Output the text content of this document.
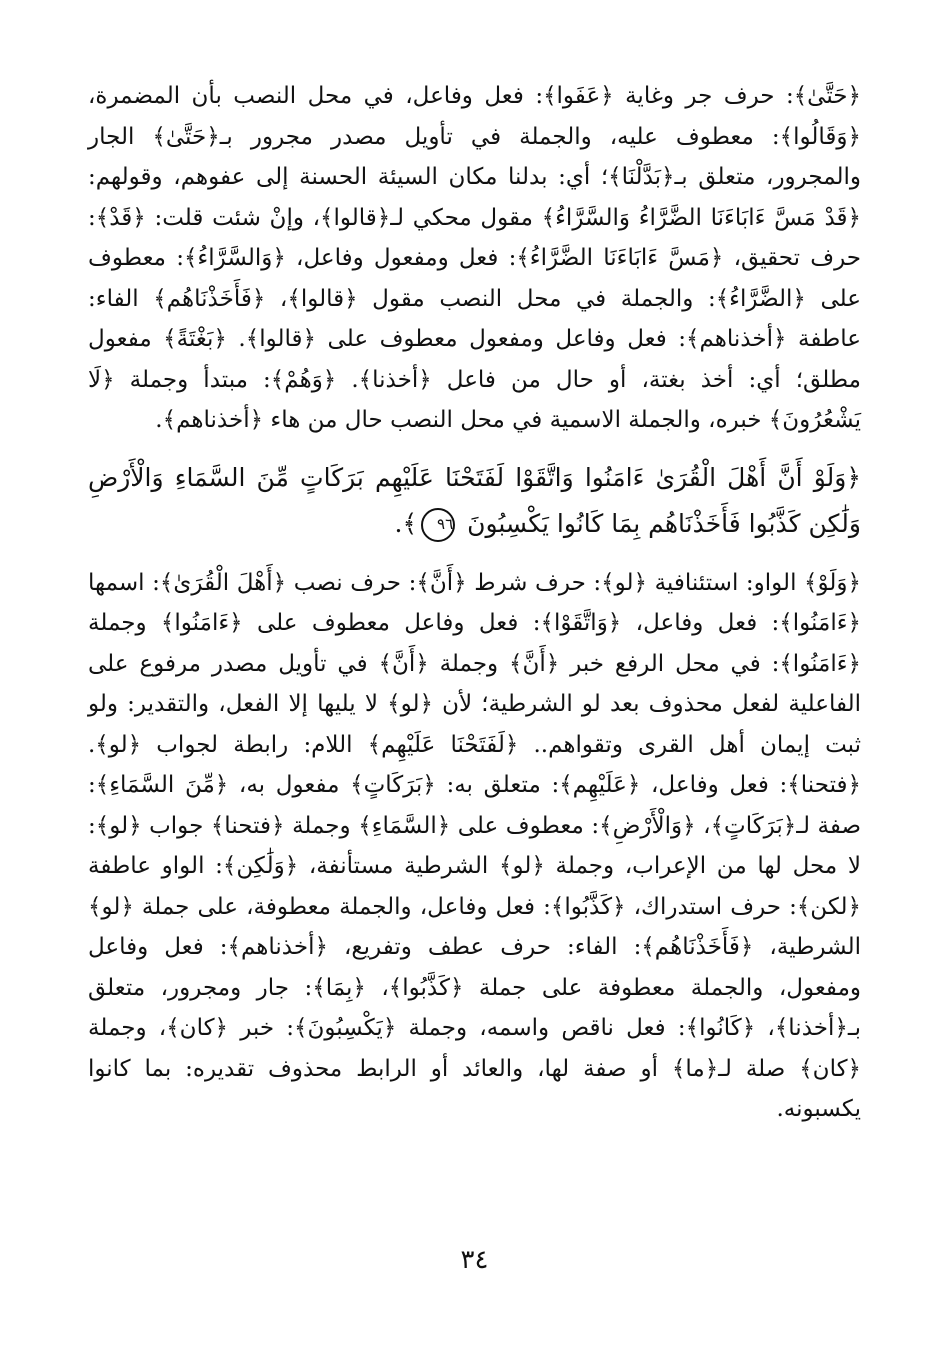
﴿حَتَّىٰ﴾: حرف جر وغاية ﴿عَفَوا﴾: فعل وفاعل، في محل النصب بأن المضمرة، ﴿وَقَالُوا﴾: معطوف عليه، والجملة في تأويل مصدر مجرور بـ﴿حَتَّىٰ﴾ الجار والمجرور، متعلق بـ﴿بَدَّلْنَا﴾؛ أي: بدلنا مكان السيئة الحسنة إلى عفوهم، وقولهم: ﴿قَدْ مَسَّ ءَابَاءَنَا الضَّرَّاءُ وَالسَّرَّاءُ﴾ مقول محكي لـ﴿قالوا﴾، وإنْ شئت قلت: ﴿قَدْ﴾: حرف تحقيق، ﴿مَسَّ ءَابَاءَنَا الضَّرَّاءُ﴾: فعل ومفعول وفاعل، ﴿وَالسَّرَّاءُ﴾: معطوف على ﴿الضَّرَّاءُ﴾: والجملة في محل النصب مقول ﴿قالوا﴾، ﴿فَأَخَذْنَاهُم﴾ الفاء: عاطفة ﴿أخذناهم﴾: فعل وفاعل ومفعول معطوف على ﴿قالوا﴾. ﴿بَغْتَةً﴾ مفعول مطلق؛ أي: أخذ بغتة، أو حال من فاعل ﴿أخذنا﴾. ﴿وَهُمْ﴾: مبتدأ وجملة ﴿لَا يَشْعُرُونَ﴾ خبره، والجملة الاسمية في محل النصب حال من هاء ﴿أخذناهم﴾.
﴿وَلَوْ أَنَّ أَهْلَ الْقُرَىٰ ءَامَنُوا وَاتَّقَوْا لَفَتَحْنَا عَلَيْهِم بَرَكَاتٍ مِّنَ السَّمَاءِ وَالْأَرْضِ وَلَٰكِن كَذَّبُوا فَأَخَذْنَاهُم بِمَا كَانُوا يَكْسِبُونَ ٩٦﴾.
﴿وَلَوْ﴾ الواو: استئنافية ﴿لو﴾: حرف شرط ﴿أَنَّ﴾: حرف نصب ﴿أَهْلَ الْقُرَىٰ﴾: اسمها ﴿ءَامَنُوا﴾: فعل وفاعل، ﴿وَاتَّقَوْا﴾: فعل وفاعل معطوف على ﴿ءَامَنُوا﴾ وجملة ﴿ءَامَنُوا﴾: في محل الرفع خبر ﴿أَنَّ﴾ وجملة ﴿أَنَّ﴾ في تأويل مصدر مرفوع على الفاعلية لفعل محذوف بعد لو الشرطية؛ لأن ﴿لو﴾ لا يليها إلا الفعل، والتقدير: ولو ثبت إيمان أهل القرى وتقواهم.. ﴿لَفَتَحْنَا عَلَيْهِم﴾ اللام: رابطة لجواب ﴿لو﴾. ﴿فتحنا﴾: فعل وفاعل، ﴿عَلَيْهِم﴾: متعلق به: ﴿بَرَكَاتٍ﴾ مفعول به، ﴿مِّنَ السَّمَاءِ﴾: صفة لـ﴿بَرَكَاتٍ﴾، ﴿وَالْأَرْضِ﴾: معطوف على ﴿السَّمَاءِ﴾ وجملة ﴿فتحنا﴾ جواب ﴿لو﴾: لا محل لها من الإعراب، وجملة ﴿لو﴾ الشرطية مستأنفة، ﴿وَلَٰكِن﴾: الواو عاطفة ﴿لكن﴾: حرف استدراك، ﴿كَذَّبُوا﴾: فعل وفاعل، والجملة معطوفة، على جملة ﴿لو﴾ الشرطية، ﴿فَأَخَذْنَاهُم﴾: الفاء: حرف عطف وتفريع، ﴿أخذناهم﴾: فعل وفاعل ومفعول، والجملة معطوفة على جملة ﴿كَذَّبُوا﴾، ﴿بِمَا﴾: جار ومجرور، متعلق بـ﴿أخذنا﴾، ﴿كَانُوا﴾: فعل ناقص واسمه، وجملة ﴿يَكْسِبُونَ﴾: خبر ﴿كان﴾، وجملة ﴿كان﴾ صلة لـ﴿ما﴾ أو صفة لها، والعائد أو الرابط محذوف تقديره: بما كانوا يكسبونه.
٣٤
